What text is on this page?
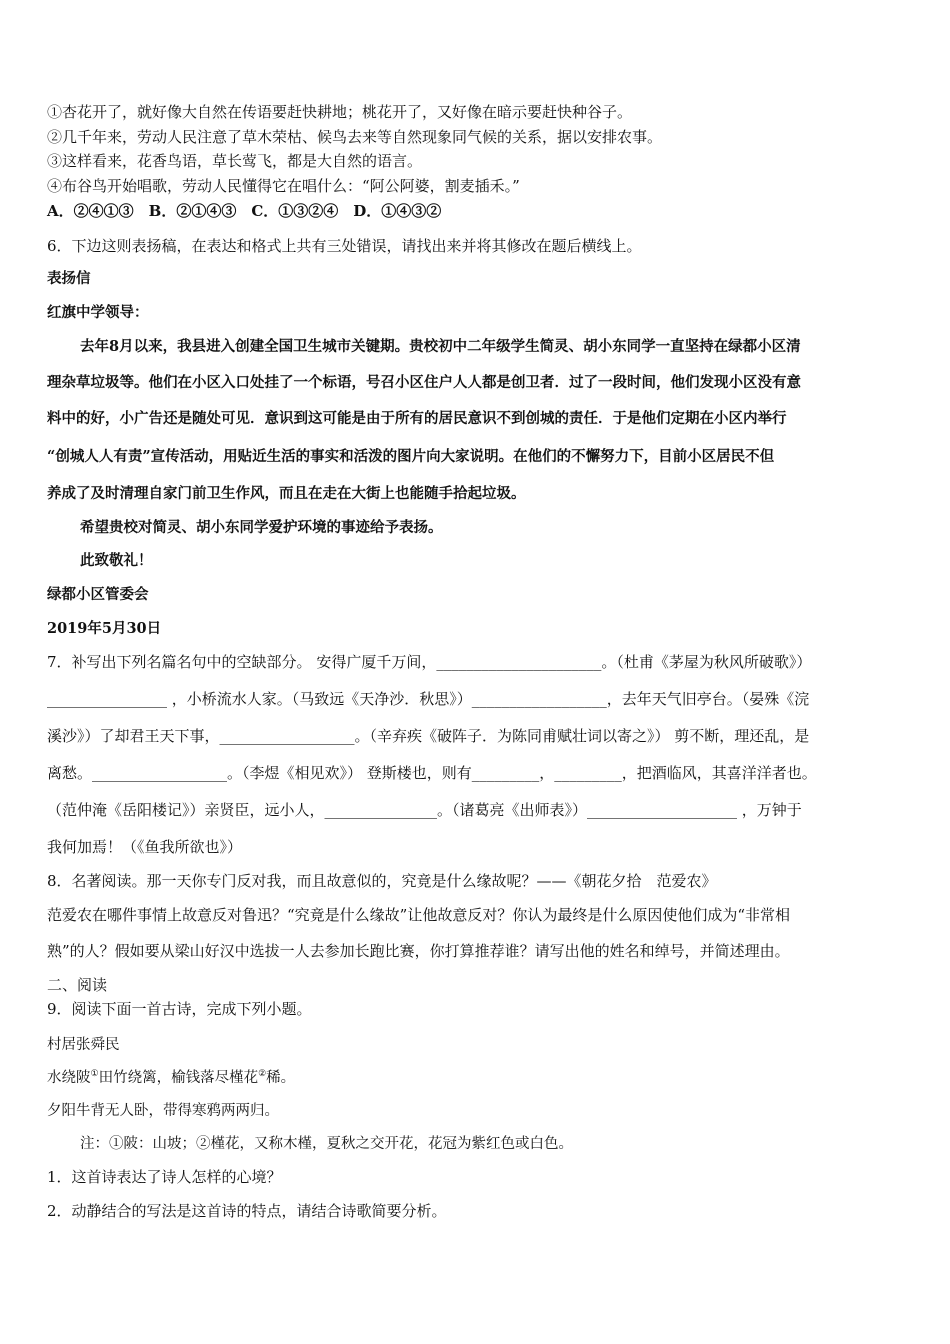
①杏花开了，就好像大自然在传语要赶快耕地；桃花开了，又好像在暗示要赶快种谷子。
②几千年来，劳动人民注意了草木荣枯、候鸟去来等自然现象同气候的关系，据以安排农事。
③这样看来，花香鸟语，草长莺飞，都是大自然的语言。
④布谷鸟开始唱歌，劳动人民懂得它在唱什么：“阿公阿婆，割麦插禾。”
A．②④①③　B．②①④③　C．①③②④　D．①④③②
6．下边这则表扬稿，在表达和格式上共有三处错误，请找出来并将其修改在题后横线上。
表扬信
红旗中学领导：
去年8月以来，我县进入创建全国卫生城市关键期。贵校初中二年级学生简灵、胡小东同学一直坚持在绿都小区清
理杂草垃圾等。他们在小区入口处挂了一个标语，号召小区住户人人都是创卫者．过了一段时间，他们发现小区没有意
料中的好，小广告还是随处可见．意识到这可能是由于所有的居民意识不到创城的责任．于是他们定期在小区内举行
“创城人人有责”宣传活动，用贴近生活的事实和活泼的图片向大家说明。在他们的不懈努力下，目前小区居民不但
养成了及时清理自家门前卫生作风，而且在走在大街上也能随手拾起垃圾。
希望贵校对简灵、胡小东同学爱护环境的事迹给予表扬。
此致敬礼！
绿都小区管委会
2019年5月30日
7．补写出下列名篇名句中的空缺部分。 安得广厦千万间，______________________。（杜甫《茅屋为秋风所破歌》）
________________ ，小桥流水人家。（马致远《天净沙．秋思》）__________________，去年天气旧亭台。（晏殊《浣
溪沙》）了却君王天下事，__________________。（辛弃疾《破阵子．为陈同甫赋壮词以寄之》） 剪不断，理还乱，是
离愁。__________________。（李煜《相见欢》） 登斯楼也，则有_________，_________，把酒临风，其喜洋洋者也。
（范仲淹《岳阳楼记》）亲贤臣，远小人，_______________。（诸葛亮《出师表》）____________________ ，万钟于
我何加焉！（《鱼我所欲也》）
8．名著阅读。那一天你专门反对我，而且故意似的，究竟是什么缘故呢？——《朝花夕拾　范爱农》
范爱农在哪件事情上故意反对鲁迅？“究竟是什么缘故”让他故意反对？你认为最终是什么原因使他们成为“非常相
熟”的人？假如要从梁山好汉中选拔一人去参加长跑比赛，你打算推荐谁？请写出他的姓名和绰号，并简述理由。
二、阅读
9．阅读下面一首古诗，完成下列小题。
村居张舜民
水绕陂①田竹绕篱，榆钱落尽槿花②稀。
夕阳牛背无人卧，带得寒鸦两两归。
注：①陂：山坡；②槿花，又称木槿，夏秋之交开花，花冠为紫红色或白色。
1．这首诗表达了诗人怎样的心境？
2．动静结合的写法是这首诗的特点，请结合诗歌简要分析。
